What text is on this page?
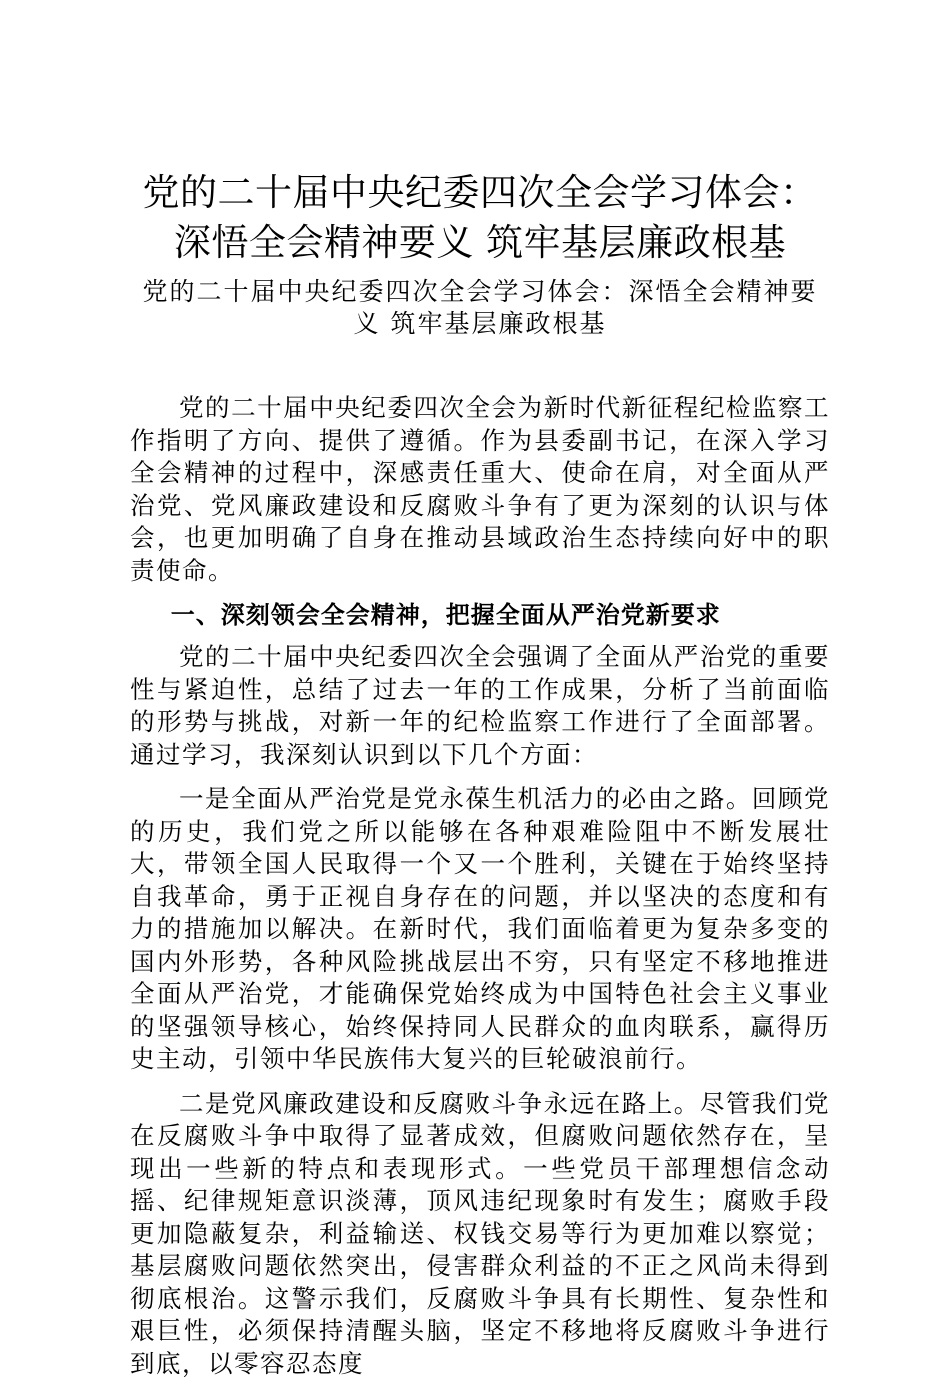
党的二十届中央纪委四次全会学习体会：深悟全会精神要义 筑牢基层廉政根基
党的二十届中央纪委四次全会学习体会：深悟全会精神要义 筑牢基层廉政根基

党的二十届中央纪委四次全会为新时代新征程纪检监察工作指明了方向、提供了遵循。作为县委副书记，在深入学习全会精神的过程中，深感责任重大、使命在肩，对全面从严治党、党风廉政建设和反腐败斗争有了更为深刻的认识与体会，也更加明确了自身在推动县域政治生态持续向好中的职责使命。

一、深刻领会全会精神，把握全面从严治党新要求

党的二十届中央纪委四次全会强调了全面从严治党的重要性与紧迫性，总结了过去一年的工作成果，分析了当前面临的形势与挑战，对新一年的纪检监察工作进行了全面部署。通过学习，我深刻认识到以下几个方面：

一是全面从严治党是党永葆生机活力的必由之路。回顾党的历史，我们党之所以能够在各种艰难险阻中不断发展壮大，带领全国人民取得一个又一个胜利，关键在于始终坚持自我革命，勇于正视自身存在的问题，并以坚决的态度和有力的措施加以解决。在新时代，我们面临着更为复杂多变的国内外形势，各种风险挑战层出不穷，只有坚定不移地推进全面从严治党，才能确保党始终成为中国特色社会主义事业的坚强领导核心，始终保持同人民群众的血肉联系，赢得历史主动，引领中华民族伟大复兴的巨轮破浪前行。

二是党风廉政建设和反腐败斗争永远在路上。尽管我们党在反腐败斗争中取得了显著成效，但腐败问题依然存在，呈现出一些新的特点和表现形式。一些党员干部理想信念动摇、纪律规矩意识淡薄，顶风违纪现象时有发生；腐败手段更加隐蔽复杂，利益输送、权钱交易等行为更加难以察觉；基层腐败问题依然突出，侵害群众利益的不正之风尚未得到彻底根治。这警示我们，反腐败斗争具有长期性、复杂性和艰巨性，必须保持清醒头脑，坚定不移地将反腐败斗争进行到底，以零容忍态度
